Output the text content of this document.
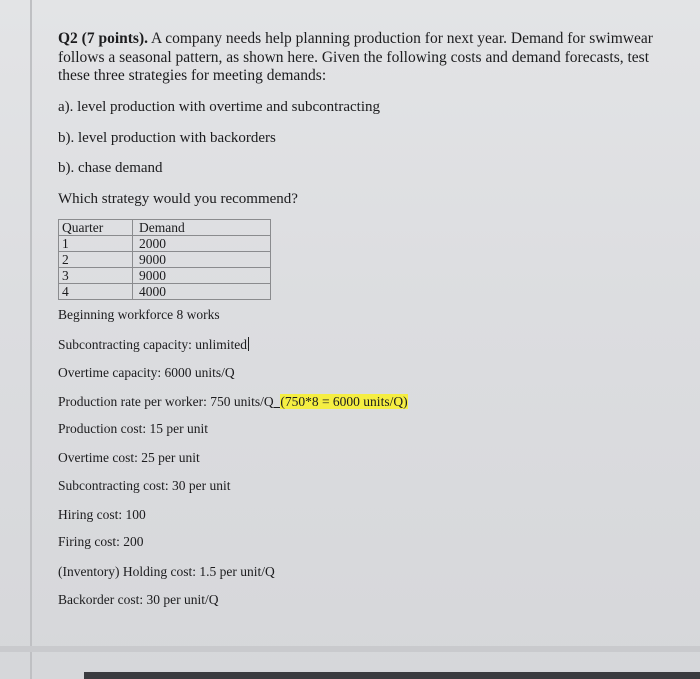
Q2 (7 points). A company needs help planning production for next year. Demand for swimwear
follows a seasonal pattern, as shown here. Given the following costs and demand forecasts, test
these three strategies for meeting demands:

a). level production with overtime and subcontracting
b). level production with backorders
b). chase demand
Which strategy would you recommend?
Quarter	Demand
1	2000
2	9000
3	9000
4	4000
Beginning workforce 8 works
Subcontracting capacity: unlimited
Overtime capacity: 6000 units/Q
Production rate per worker: 750 units/Q (750*8 = 6000 units/Q)
Production cost: 15 per unit
Overtime cost: 25 per unit
Subcontracting cost: 30 per unit
Hiring cost: 100
Firing cost: 200
(Inventory) Holding cost: 1.5 per unit/Q
Backorder cost: 30 per unit/Q
